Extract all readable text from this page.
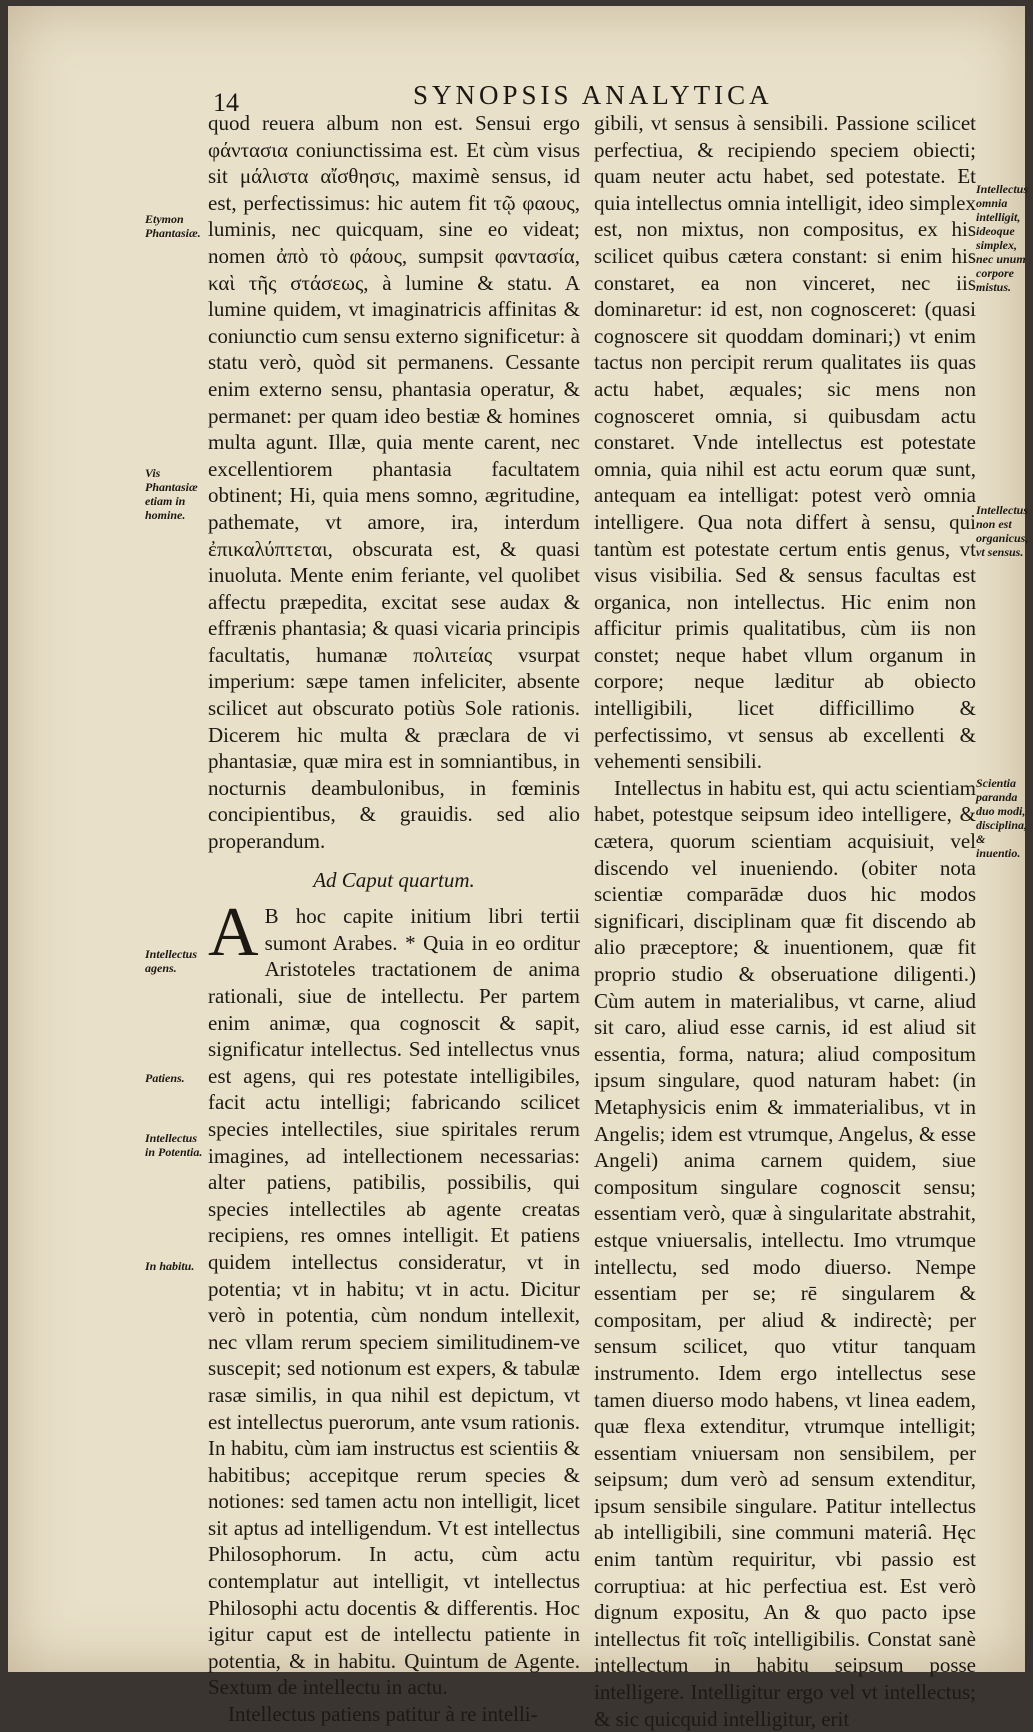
14	SYNOPSIS ANALYTICA

quod reuera album non est. Sensui ergo φάντασια coniunctissima est. Et cùm visus sit μάλιστα αἴσθησις, maximè sensus, id est, perfectissimus: hic autem fit τῷ φαους, luminis, nec quicquam, sine eo videat; nomen ἀπὸ τὸ φάους, sumpsit φαντασία, καὶ τῆς στάσεως, à lumine & statu. A lumine quidem, vt imaginatricis affinitas & coniunctio cum sensu externo significetur: à statu verò, quòd sit permanens. Cessante enim externo sensu, phantasia operatur, & permanet: per quam ideo bestiæ & homines multa agunt. Illæ, quia mente carent, nec excellentiorem phantasia facultatem obtinent; Hi, quia mens somno, ægritudine, pathemate, vt amore, ira, interdum ἐπικαλύπτεται, obscurata est, & quasi inuoluta. Mente enim feriante, vel quolibet affectu præpedita, excitat sese audax & effrænis phantasia; & quasi vicaria principis facultatis, humanæ πολιτείας vsurpat imperium: sæpe tamen infeliciter, absente scilicet aut obscurato potiùs Sole rationis. Dicerem hic multa & præclara de vi phantasiæ, quæ mira est in somniantibus, in nocturnis deambulonibus, in fœminis concipientibus, & grauidis. sed alio properandum.

Ad Caput quartum.

A B hoc capite initium libri tertii sumont Arabes. * Quia in eo orditur Aristoteles tractationem de anima rationali, siue de intellectu. Per partem enim animæ, qua cognoscit & sapit, significatur intellectus. Sed intellectus vnus est agens, qui res potestate intelligibiles, facit actu intelligi; fabricando scilicet species intellectiles, siue spiritales rerum imagines, ad intellectionem necessarias: alter patiens, patibilis, possibilis, qui species intellectiles ab agente creatas recipiens, res omnes intelligit. Et patiens quidem intellectus consideratur, vt in potentia; vt in habitu; vt in actu. Dicitur verò in potentia, cùm nondum intellexit, nec vllam rerum speciem similitudinem-ve suscepit; sed notionum est expers, & tabulæ rasæ similis, in qua nihil est depictum, vt est intellectus puerorum, ante vsum rationis. In habitu, cùm iam instructus est scientiis & habitibus; accepitque rerum species & notiones: sed tamen actu non intelligit, licet sit aptus ad intelligendum. Vt est intellectus Philosophorum. In actu, cùm actu contemplatur aut intelligit, vt intellectus Philosophi actu docentis & differentis. Hoc igitur caput est de intellectu patiente in potentia, & in habitu. Quintum de Agente. Sextum de intellectu in actu.

Intellectus patiens patitur à re intelli-

gibili, vt sensus à sensibili. Passione scilicet perfectiua, & recipiendo speciem obiecti; quam neuter actu habet, sed potestate. Et quia intellectus omnia intelligit, ideo simplex est, non mixtus, non compositus, ex his scilicet quibus cætera constant: si enim his constaret, ea non vinceret, nec iis dominaretur: id est, non cognosceret: (quasi cognoscere sit quoddam dominari;) vt enim tactus non percipit rerum qualitates iis quas actu habet, æquales; sic mens non cognosceret omnia, si quibusdam actu constaret. Vnde intellectus est potestate omnia, quia nihil est actu eorum quæ sunt, antequam ea intelligat: potest verò omnia intelligere. Qua nota differt à sensu, qui tantùm est potestate certum entis genus, vt visus visibilia. Sed & sensus facultas est organica, non intellectus. Hic enim non afficitur primis qualitatibus, cùm iis non constet; neque habet vllum organum in corpore; neque læditur ab obiecto intelligibili, licet difficillimo & perfectissimo, vt sensus ab excellenti & vehementi sensibili.

Intellectus in habitu est, qui actu scientiam habet, potestque seipsum ideo intelligere, & cætera, quorum scientiam acquisiuit, vel discendo vel inueniendo. (obiter nota scientiæ comparādæ duos hic modos significari, disciplinam quæ fit discendo ab alio præceptore; & inuentionem, quæ fit proprio studio & obseruatione diligenti.) Cùm autem in materialibus, vt carne, aliud sit caro, aliud esse carnis, id est aliud sit essentia, forma, natura; aliud compositum ipsum singulare, quod naturam habet: (in Metaphysicis enim & immaterialibus, vt in Angelis; idem est vtrumque, Angelus, & esse Angeli) anima carnem quidem, siue compositum singulare cognoscit sensu; essentiam verò, quæ à singularitate abstrahit, estque vniuersalis, intellectu. Imo vtrumque intellectu, sed modo diuerso. Nempe essentiam per se; rē singularem & compositam, per aliud & indirectè; per sensum scilicet, quo vtitur tanquam instrumento. Idem ergo intellectus sese tamen diuerso modo habens, vt linea eadem, quæ flexa extenditur, vtrumque intelligit; essentiam vniuersam non sensibilem, per seipsum; dum verò ad sensum extenditur, ipsum sensibile singulare. Patitur intellectus ab intelligibili, sine communi materiâ. Hęc enim tantùm requiritur, vbi passio est corruptiua: at hic perfectiua est. Est verò dignum expositu, An & quo pacto ipse intellectus fit τοῖς intelligibilis. Constat sanè intellectum in habitu seipsum posse intelligere. Intelligitur ergo vel vt intellectus; & sic quicquid intelligitur, erit

Etymon Phantasiæ.
Vis Phantasiæ etiam in homine.
Intellectus agens.
Patiens.
Intellectus in Potentia.
In habitu.
Intellectus omnia intelligit, ideoque simplex, nec unum corpore mistus.
Intellectus non est organicus, vt sensus.
Scientia paranda duo modi, disciplina, & inuentio.
